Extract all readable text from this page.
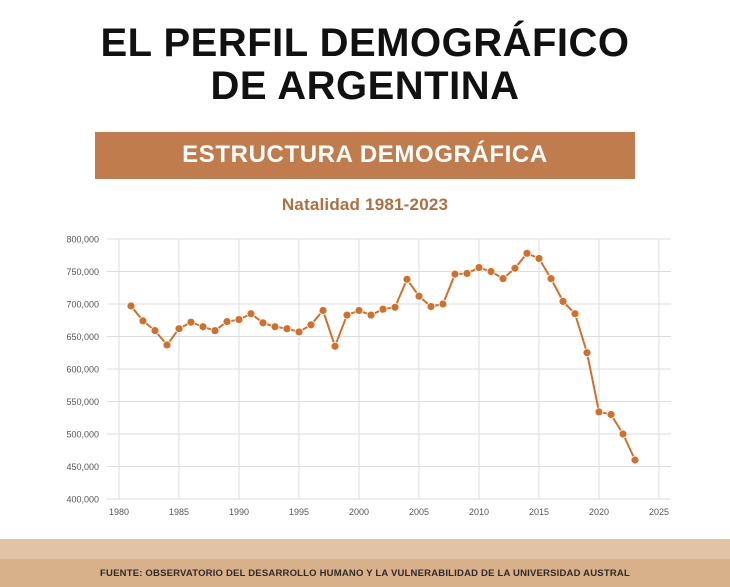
EL PERFIL DEMOGRÁFICO
DE ARGENTINA
ESTRUCTURA DEMOGRÁFICA
Natalidad 1981-2023
400,000
450,000
500,000
550,000
600,000
650,000
700,000
750,000
800,000
1980	1985	1990	1995	2000	2005	2010	2015	2020	2025
FUENTE: OBSERVATORIO DEL DESARROLLO HUMANO Y LA VULNERABILIDAD DE LA UNIVERSIDAD AUSTRAL
